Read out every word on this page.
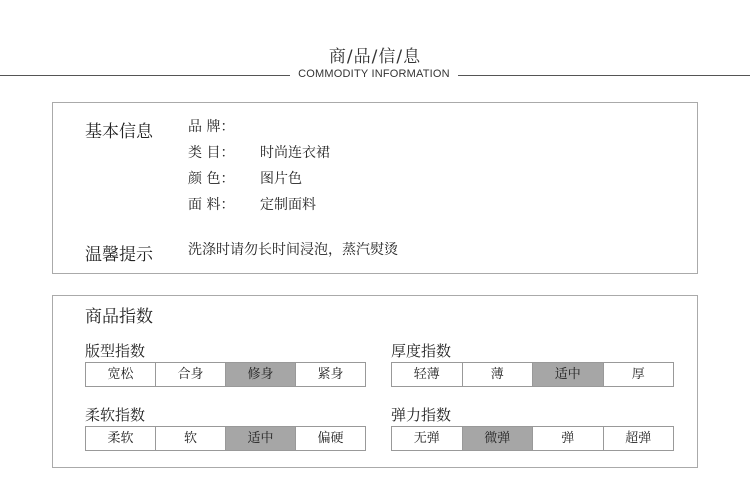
商/品/信/息
COMMODITY INFORMATION
基本信息	品 牌：
类 目：	时尚连衣裙
颜 色：	图片色
面 料：	定制面料
温馨提示	洗涤时请勿长时间浸泡，蒸汽熨烫
商品指数
版型指数
宽松	合身	修身	紧身
厚度指数
轻薄	薄	适中	厚
柔软指数
柔软	软	适中	偏硬
弹力指数
无弹	微弹	弹	超弹
